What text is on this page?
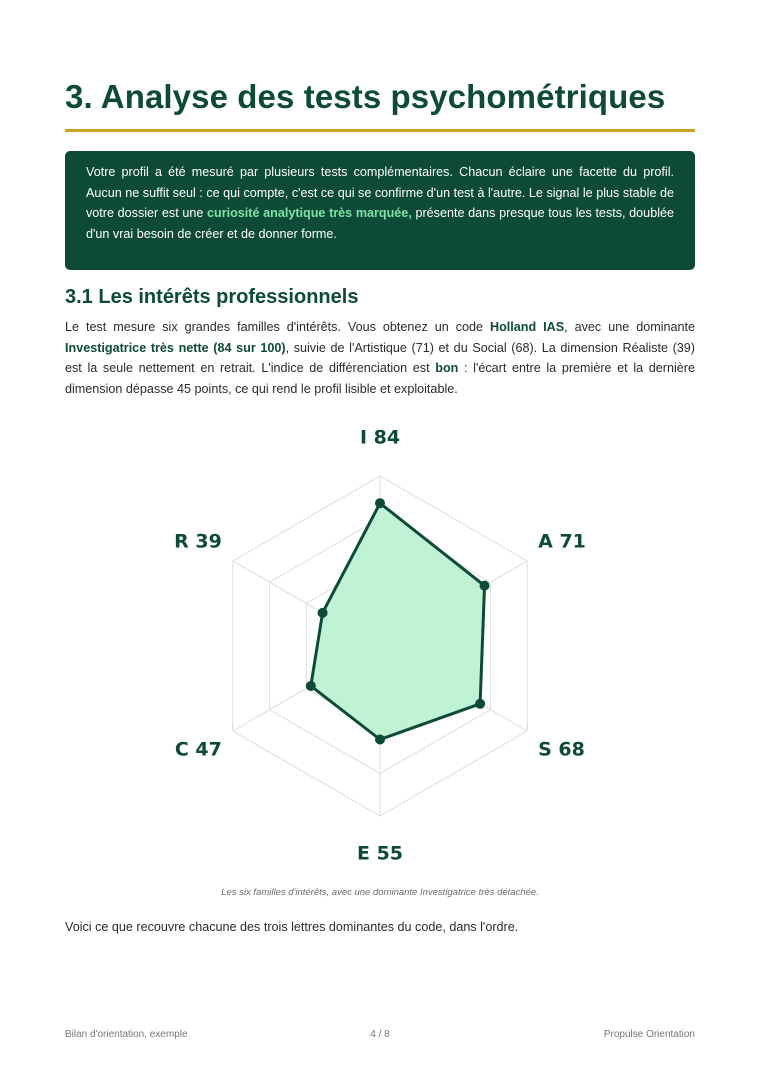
3. Analyse des tests psychométriques
Votre profil a été mesuré par plusieurs tests complémentaires. Chacun éclaire une facette du profil. Aucun ne suffit seul : ce qui compte, c'est ce qui se confirme d'un test à l'autre. Le signal le plus stable de votre dossier est une curiosité analytique très marquée, présente dans presque tous les tests, doublée d'un vrai besoin de créer et de donner forme.
3.1 Les intérêts professionnels

Le test mesure six grandes familles d'intérêts. Vous obtenez un code Holland IAS, avec une dominante Investigatrice très nette (84 sur 100), suivie de l'Artistique (71) et du Social (68). La dimension Réaliste (39) est la seule nettement en retrait. L'indice de différenciation est bon : l'écart entre la première et la dernière dimension dépasse 45 points, ce qui rend le profil lisible et exploitable.

Les six familles d'intérêts, avec une dominante Investigatrice très détachée.

Voici ce que recouvre chacune des trois lettres dominantes du code, dans l'ordre.

Bilan d'orientation, exemple	4 / 8	Propulse Orientation
I 84
A 71
S 68
E 55
C 47
R 39
